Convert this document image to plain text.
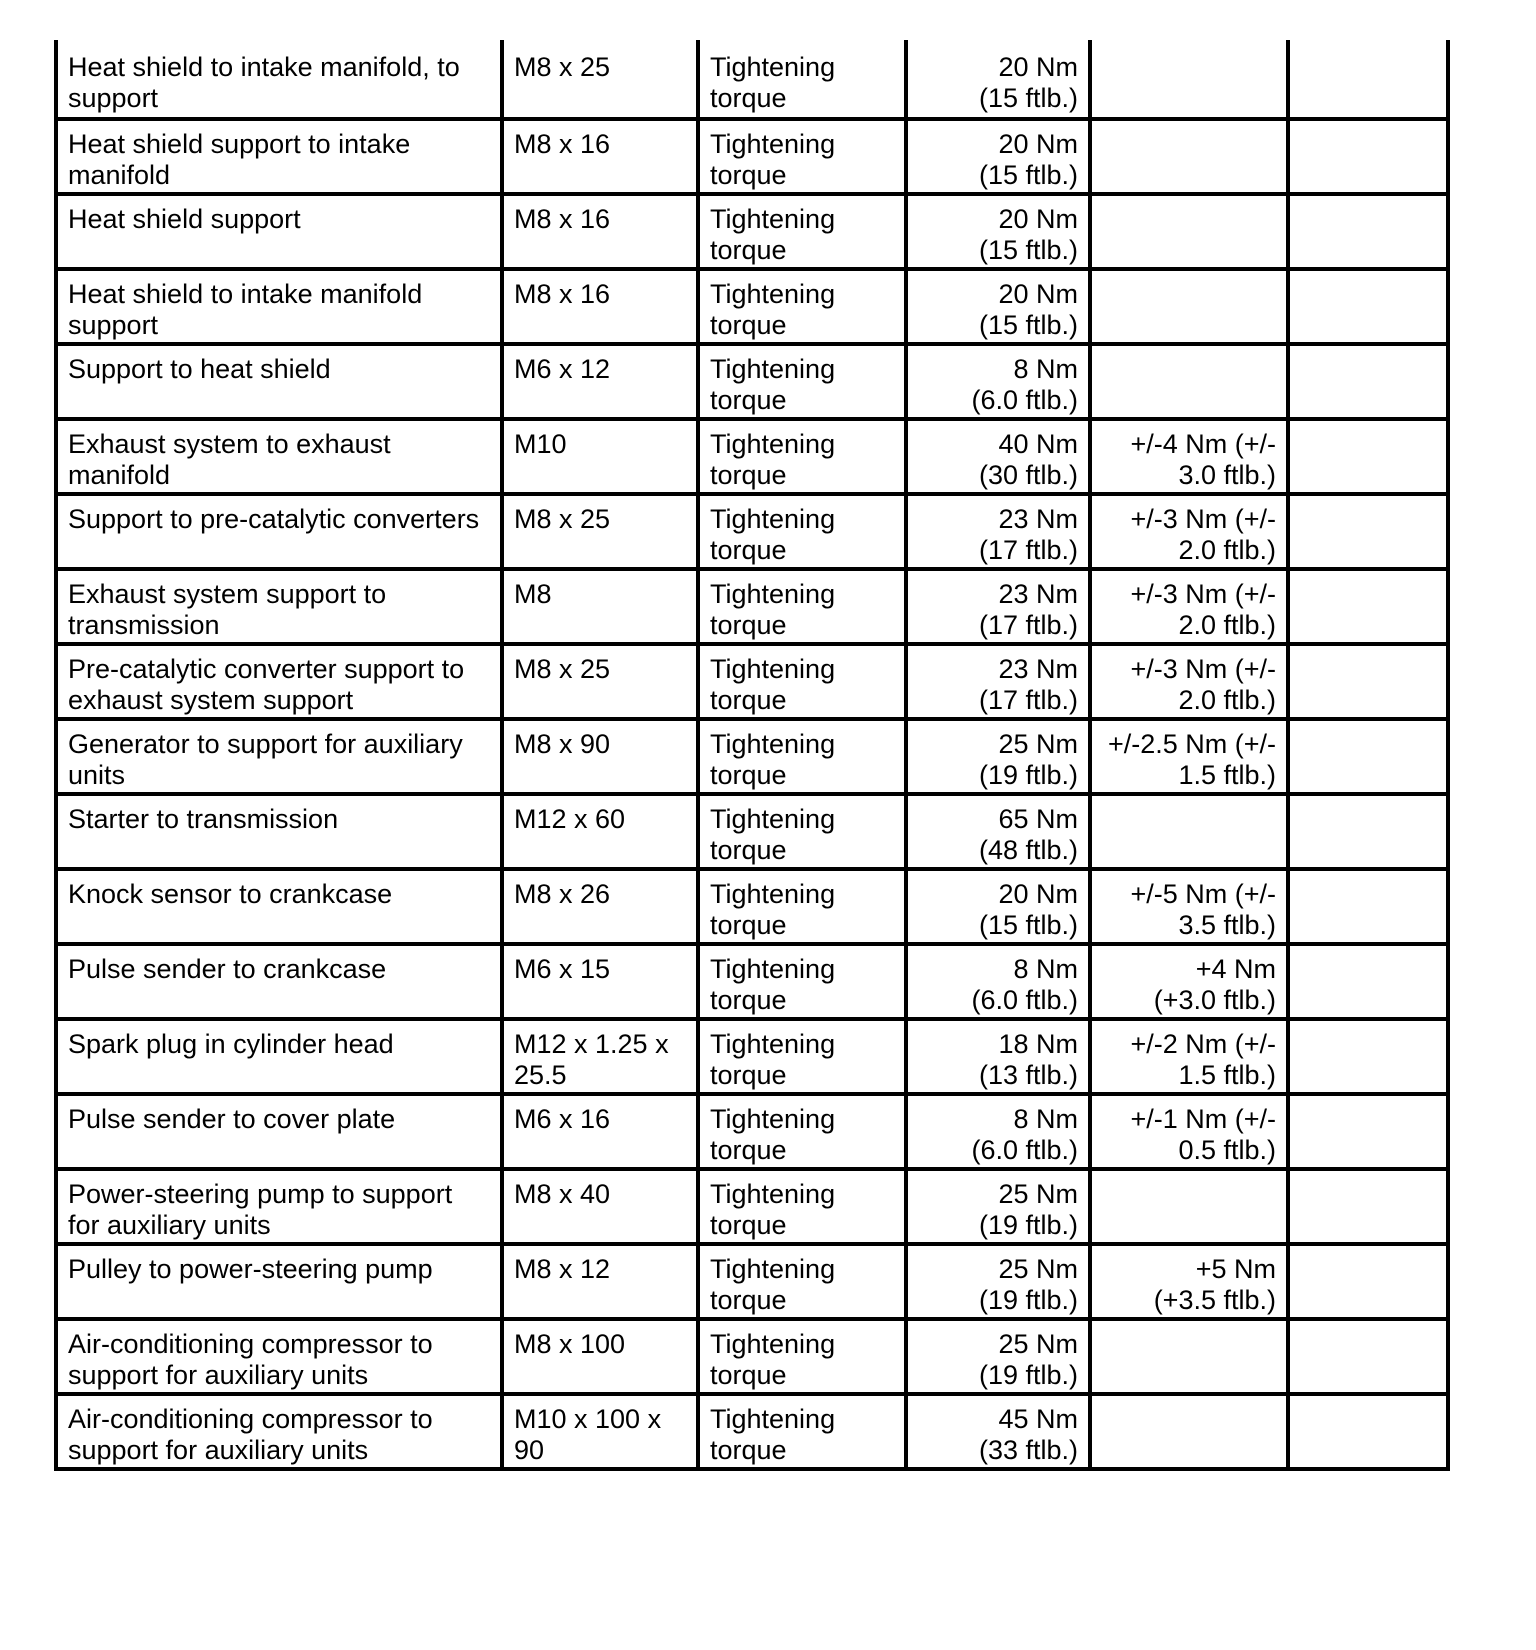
Heat shield to intake manifold, to
support	M8 x 25	Tightening
torque	20 Nm
(15 ftlb.)		

Heat shield support to intake
manifold	M8 x 16	Tightening
torque	20 Nm
(15 ftlb.)		

Heat shield support	M8 x 16	Tightening
torque	20 Nm
(15 ftlb.)		

Heat shield to intake manifold
support	M8 x 16	Tightening
torque	20 Nm
(15 ftlb.)		

Support to heat shield	M6 x 12	Tightening
torque	8 Nm
(6.0 ftlb.)		

Exhaust system to exhaust
manifold	M10	Tightening
torque	40 Nm
(30 ftlb.)	+/-4 Nm (+/-
3.0 ftlb.)	

Support to pre-catalytic converters	M8 x 25	Tightening
torque	23 Nm
(17 ftlb.)	+/-3 Nm (+/-
2.0 ftlb.)	

Exhaust system support to
transmission	M8	Tightening
torque	23 Nm
(17 ftlb.)	+/-3 Nm (+/-
2.0 ftlb.)	

Pre-catalytic converter support to
exhaust system support	M8 x 25	Tightening
torque	23 Nm
(17 ftlb.)	+/-3 Nm (+/-
2.0 ftlb.)	

Generator to support for auxiliary
units	M8 x 90	Tightening
torque	25 Nm
(19 ftlb.)	+/-2.5 Nm (+/-
1.5 ftlb.)	

Starter to transmission	M12 x 60	Tightening
torque	65 Nm
(48 ftlb.)		

Knock sensor to crankcase	M8 x 26	Tightening
torque	20 Nm
(15 ftlb.)	+/-5 Nm (+/-
3.5 ftlb.)	

Pulse sender to crankcase	M6 x 15	Tightening
torque	8 Nm
(6.0 ftlb.)	+4 Nm
(+3.0 ftlb.)	

Spark plug in cylinder head	M12 x 1.25 x
25.5	Tightening
torque	18 Nm
(13 ftlb.)	+/-2 Nm (+/-
1.5 ftlb.)	

Pulse sender to cover plate	M6 x 16	Tightening
torque	8 Nm
(6.0 ftlb.)	+/-1 Nm (+/-
0.5 ftlb.)	

Power-steering pump to support
for auxiliary units	M8 x 40	Tightening
torque	25 Nm
(19 ftlb.)		

Pulley to power-steering pump	M8 x 12	Tightening
torque	25 Nm
(19 ftlb.)	+5 Nm
(+3.5 ftlb.)	

Air-conditioning compressor to
support for auxiliary units	M8 x 100	Tightening
torque	25 Nm
(19 ftlb.)		

Air-conditioning compressor to
support for auxiliary units	M10 x 100 x
90	Tightening
torque	45 Nm
(33 ftlb.)		
